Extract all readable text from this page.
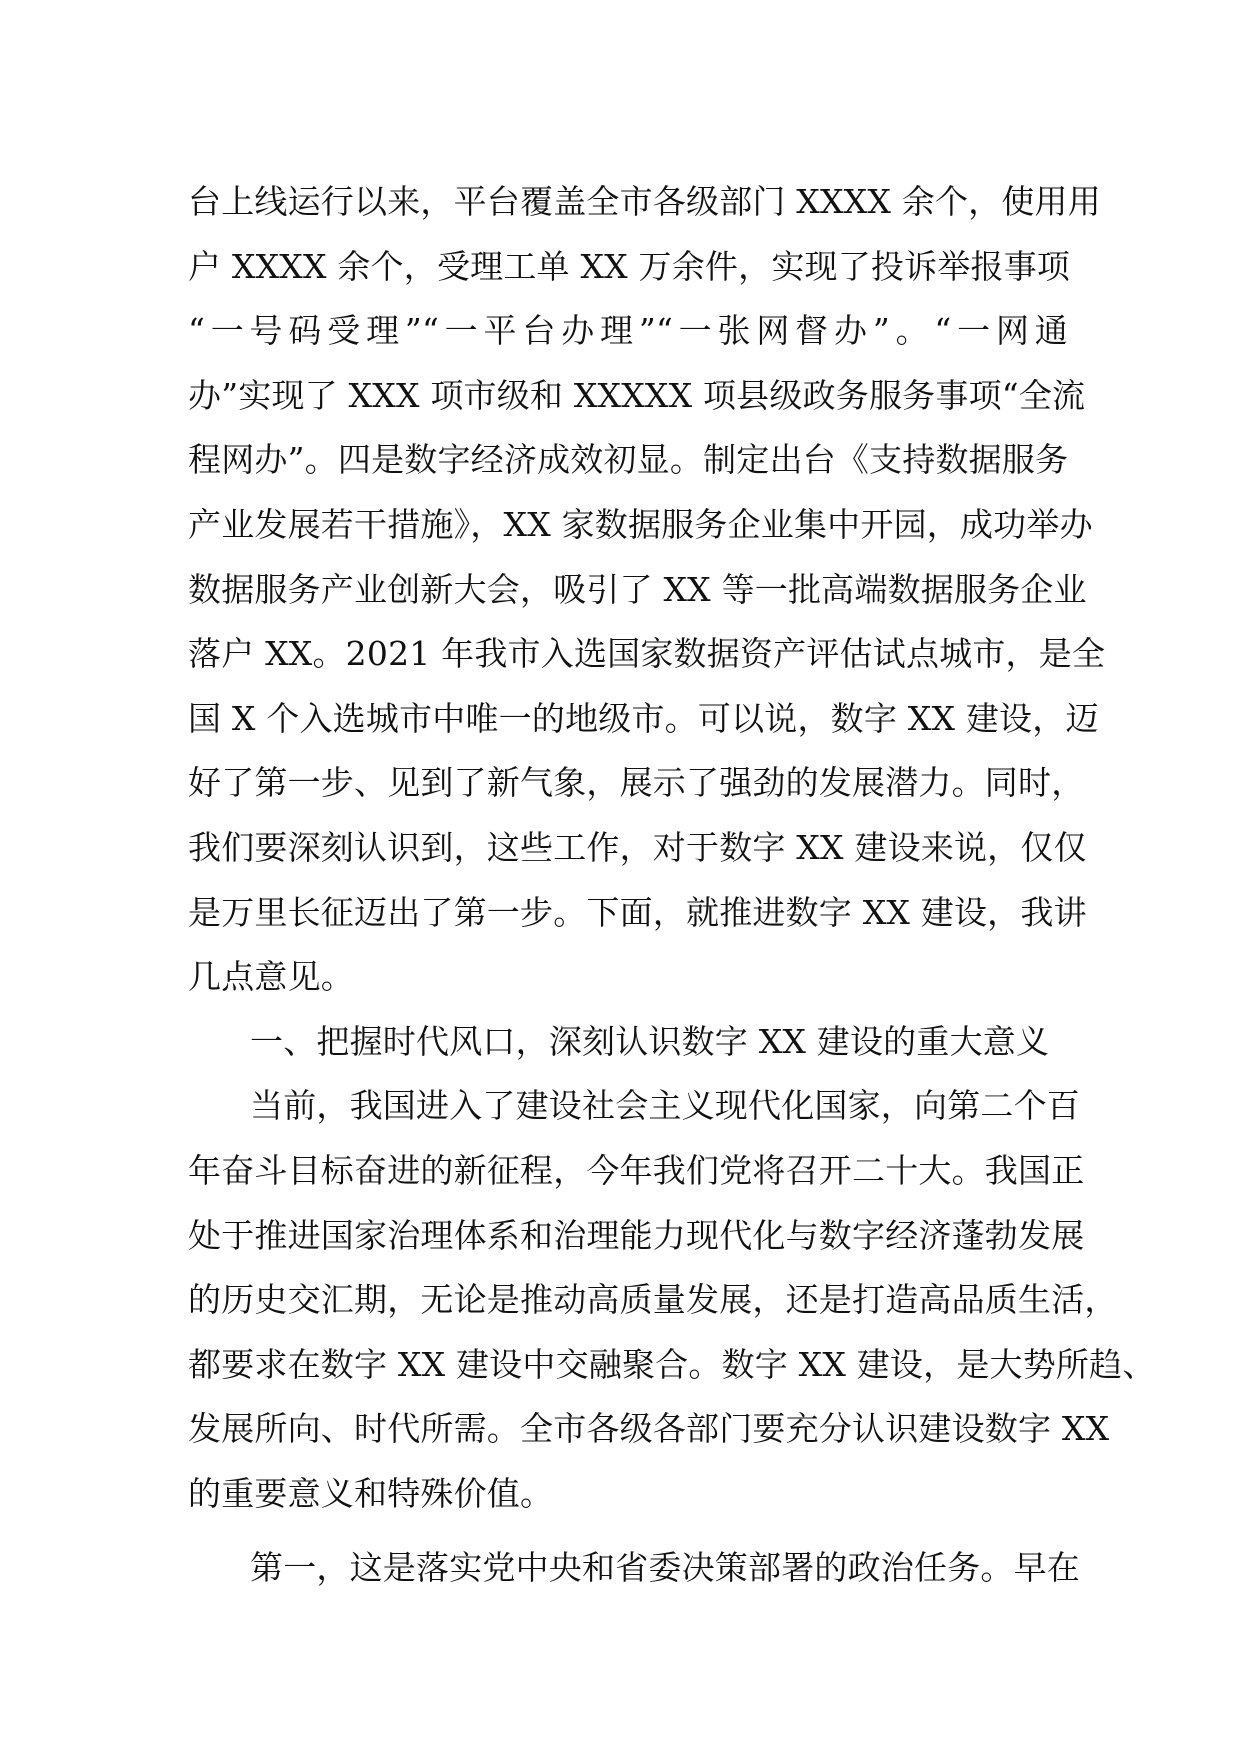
台上线运行以来，平台覆盖全市各级部门 XXXX 余个，使用用
户 XXXX 余个，受理工单 XX 万余件，实现了投诉举报事项
“一号码受理”“一平台办理”“一张网督办”。“一网通
办”实现了 XXX 项市级和 XXXXX 项县级政务服务事项“全流
程网办”。四是数字经济成效初显。制定出台《支持数据服务
产业发展若干措施》，XX 家数据服务企业集中开园，成功举办
数据服务产业创新大会，吸引了 XX 等一批高端数据服务企业
落户 XX。2021 年我市入选国家数据资产评估试点城市，是全
国 X 个入选城市中唯一的地级市。可以说，数字 XX 建设，迈
好了第一步、见到了新气象，展示了强劲的发展潜力。同时，
我们要深刻认识到，这些工作，对于数字 XX 建设来说，仅仅
是万里长征迈出了第一步。下面，就推进数字 XX 建设，我讲
几点意见。
一、把握时代风口，深刻认识数字 XX 建设的重大意义
当前，我国进入了建设社会主义现代化国家，向第二个百
年奋斗目标奋进的新征程，今年我们党将召开二十大。我国正
处于推进国家治理体系和治理能力现代化与数字经济蓬勃发展
的历史交汇期，无论是推动高质量发展，还是打造高品质生活，
都要求在数字 XX 建设中交融聚合。数字 XX 建设，是大势所趋、
发展所向、时代所需。全市各级各部门要充分认识建设数字 XX
的重要意义和特殊价值。
第一，这是落实党中央和省委决策部署的政治任务。早在
